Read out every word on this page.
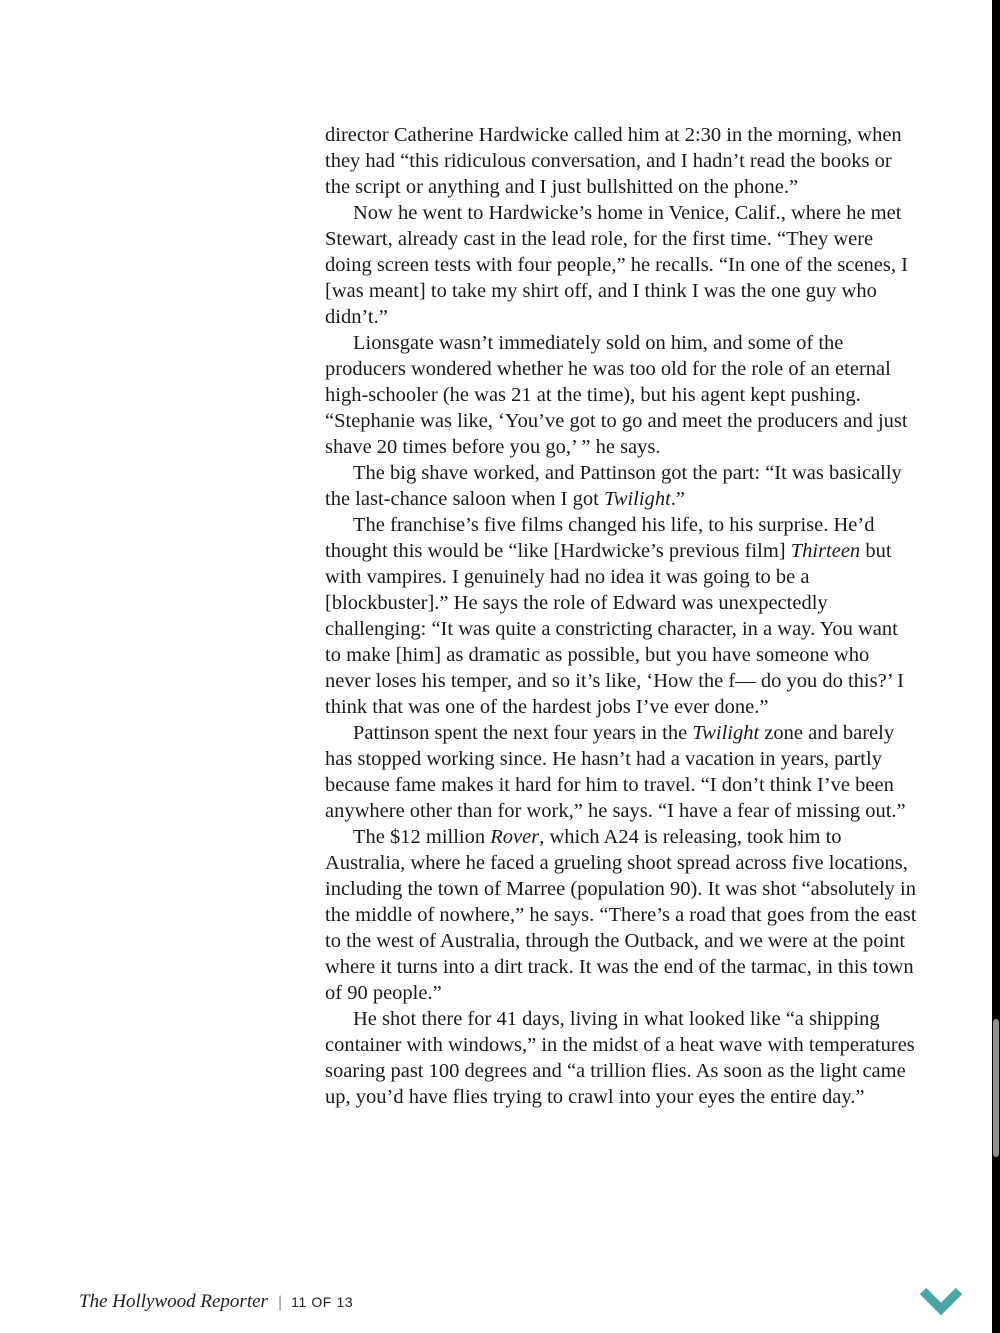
director Catherine Hardwicke called him at 2:30 in the morning, when they had “this ridiculous conversation, and I hadn’t read the books or the script or anything and I just bullshitted on the phone.”

Now he went to Hardwicke’s home in Venice, Calif., where he met Stewart, already cast in the lead role, for the first time. “They were doing screen tests with four people,” he recalls. “In one of the scenes, I [was meant] to take my shirt off, and I think I was the one guy who didn’t.”

Lionsgate wasn’t immediately sold on him, and some of the producers wondered whether he was too old for the role of an eternal high-schooler (he was 21 at the time), but his agent kept pushing. “Stephanie was like, ‘You’ve got to go and meet the producers and just shave 20 times before you go,’ ” he says.

The big shave worked, and Pattinson got the part: “It was basically the last-chance saloon when I got Twilight.”

The franchise’s five films changed his life, to his surprise. He’d thought this would be “like [Hardwicke’s previous film] Thirteen but with vampires. I genuinely had no idea it was going to be a [blockbuster].” He says the role of Edward was unexpectedly challenging: “It was quite a constricting character, in a way. You want to make [him] as dramatic as possible, but you have someone who never loses his temper, and so it’s like, ‘How the f— do you do this?’ I think that was one of the hardest jobs I’ve ever done.”

Pattinson spent the next four years in the Twilight zone and barely has stopped working since. He hasn’t had a vacation in years, partly because fame makes it hard for him to travel. “I don’t think I’ve been anywhere other than for work,” he says. “I have a fear of missing out.”

The $12 million Rover, which A24 is releasing, took him to Australia, where he faced a grueling shoot spread across five locations, including the town of Marree (population 90). It was shot “absolutely in the middle of nowhere,” he says. “There’s a road that goes from the east to the west of Australia, through the Outback, and we were at the point where it turns into a dirt track. It was the end of the tarmac, in this town of 90 people.”

He shot there for 41 days, living in what looked like “a shipping container with windows,” in the midst of a heat wave with temperatures soaring past 100 degrees and “a trillion flies. As soon as the light came up, you’d have flies trying to crawl into your eyes the entire day.”

The Hollywood Reporter | 11 OF 13
